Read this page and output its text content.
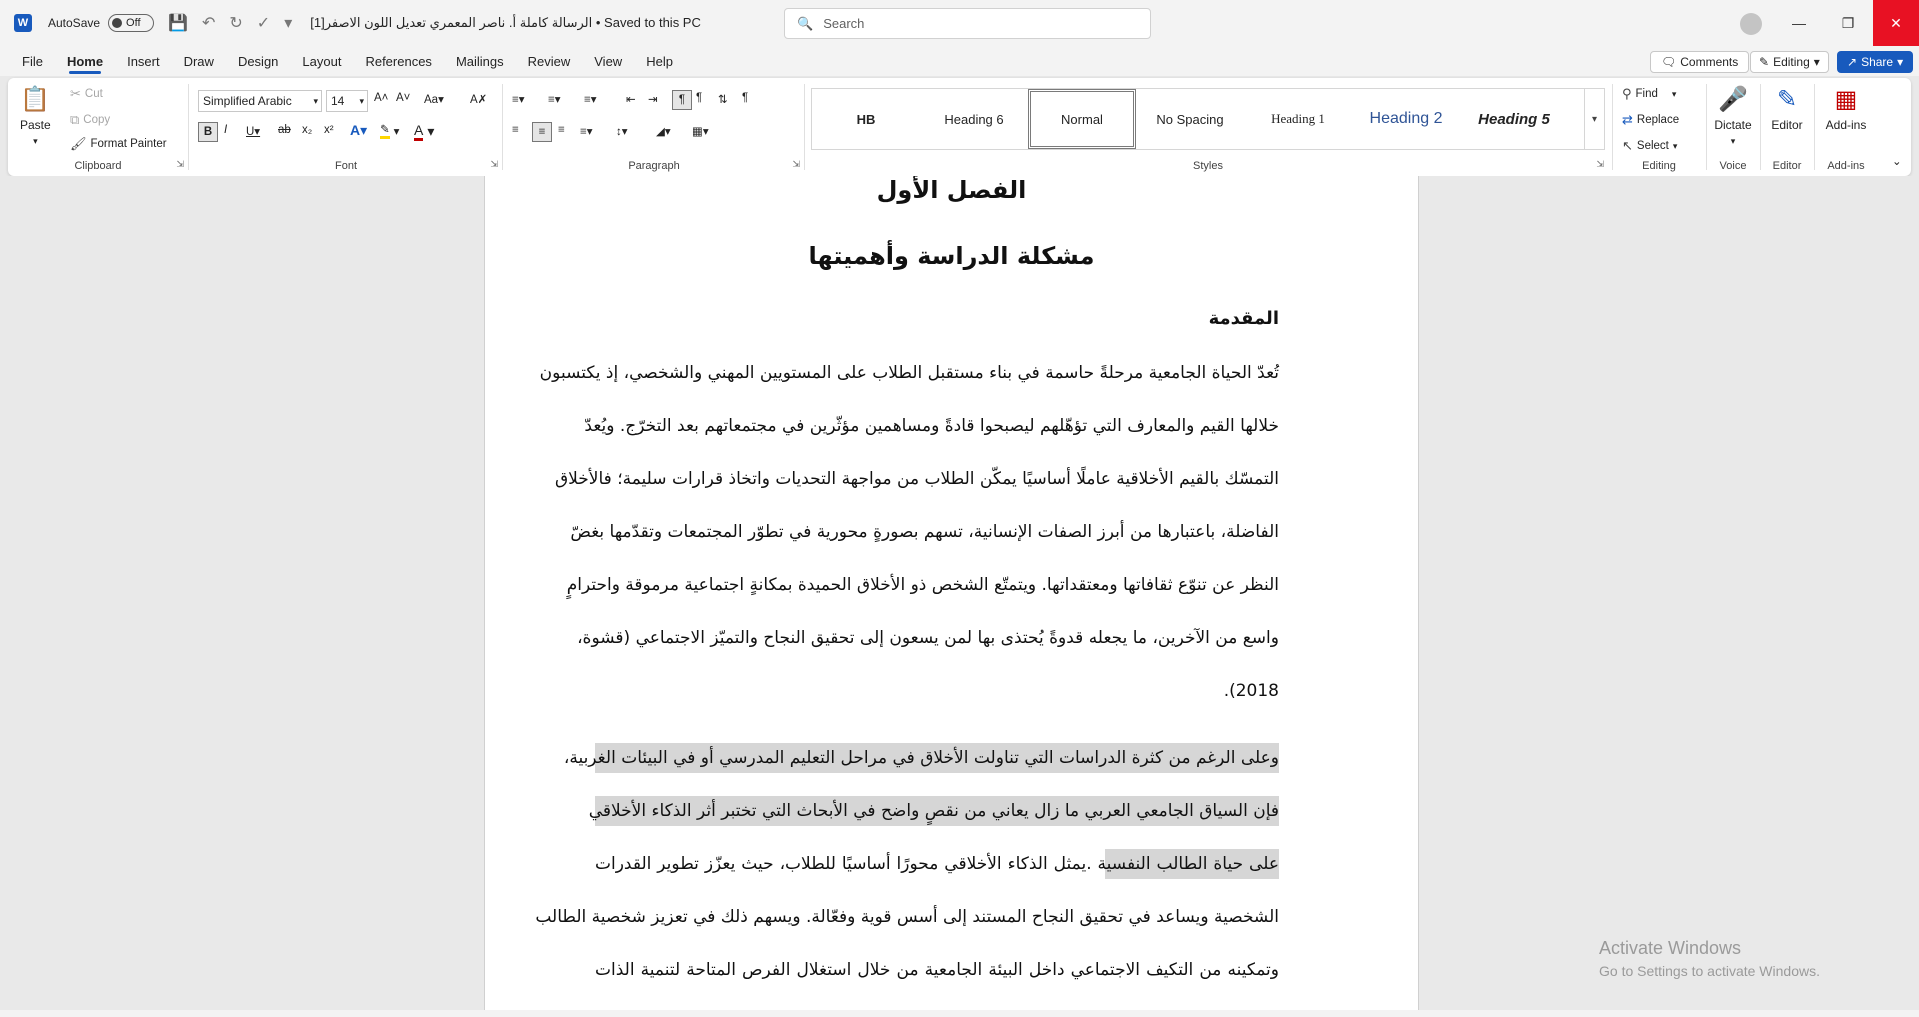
W	AutoSave Off 💾 ↶ ↻ ✓ ▾ الرسالة كاملة أ. ناصر المعمري تعديل اللون الاصفر[1] • Saved to this PC	🔍 Search	—	❐	✕
File	Home	Insert	Draw	Design	Layout	References	Mailings	Review	View	Help	🗨 Comments ✎ Editing ▾ ↗ Share ▾
📋
Paste
▾
✂ Cut
⧉ Copy
🖌 Format Painter
Clipboard	⇲
Simplified Arabic ▾ 14 ▾ A˄ A˅ Aa▾ A✗
B	I U▾ ab x₂ x² A▾ ✎ ▾ A ▾
Font	⇲
≡▾ ≡▾ ≡▾	⇤ ⇥	¶ ¶ ⇅ ¶
≡	≡	≡ ≡▾ ↕▾ ◢▾ ▦▾
Paragraph	⇲
HB	Heading 6	Normal	No Spacing	Heading 1	Heading 2	Heading 5	▾
Styles	⇲
⚲ Find ▾
⇄ Replace
↖ Select ▾
Editing
🎤
Dictate
▾
Voice
✎
Editor
Editor
▦
Add-ins
Add-ins	⌄
الفصل الأول
مشكلة الدراسة وأهميتها
المقدمة
تُعدّ الحياة الجامعية مرحلةً حاسمة في بناء مستقبل الطلاب على المستويين المهني والشخصي، إذ يكتسبون
خلالها القيم والمعارف التي تؤهّلهم ليصبحوا قادةً ومساهمين مؤثّرين في مجتمعاتهم بعد التخرّج. ويُعدّ
التمسّك بالقيم الأخلاقية عاملًا أساسيًا يمكّن الطلاب من مواجهة التحديات واتخاذ قرارات سليمة؛ فالأخلاق
الفاضلة، باعتبارها من أبرز الصفات الإنسانية، تسهم بصورةٍ محورية في تطوّر المجتمعات وتقدّمها بغضّ
النظر عن تنوّع ثقافاتها ومعتقداتها. ويتمتّع الشخص ذو الأخلاق الحميدة بمكانةٍ اجتماعية مرموقة واحترامٍ
واسع من الآخرين، ما يجعله قدوةً يُحتذى بها لمن يسعون إلى تحقيق النجاح والتميّز الاجتماعي (قشوة،
2018).
وعلى الرغم من كثرة الدراسات التي تناولت الأخلاق في مراحل التعليم المدرسي أو في البيئات الغربية،
فإن السياق الجامعي العربي ما زال يعاني من نقصٍ واضح في الأبحاث التي تختبر أثر الذكاء الأخلاقي
على حياة الطالب النفسية .يمثل الذكاء الأخلاقي محورًا أساسيًا للطلاب، حيث يعزّز تطوير القدرات
الشخصية ويساعد في تحقيق النجاح المستند إلى أسس قوية وفعّالة. ويسهم ذلك في تعزيز شخصية الطالب
وتمكينه من التكيف الاجتماعي داخل البيئة الجامعية من خلال استغلال الفرص المتاحة لتنمية الذات
Activate Windows
Go to Settings to activate Windows.
